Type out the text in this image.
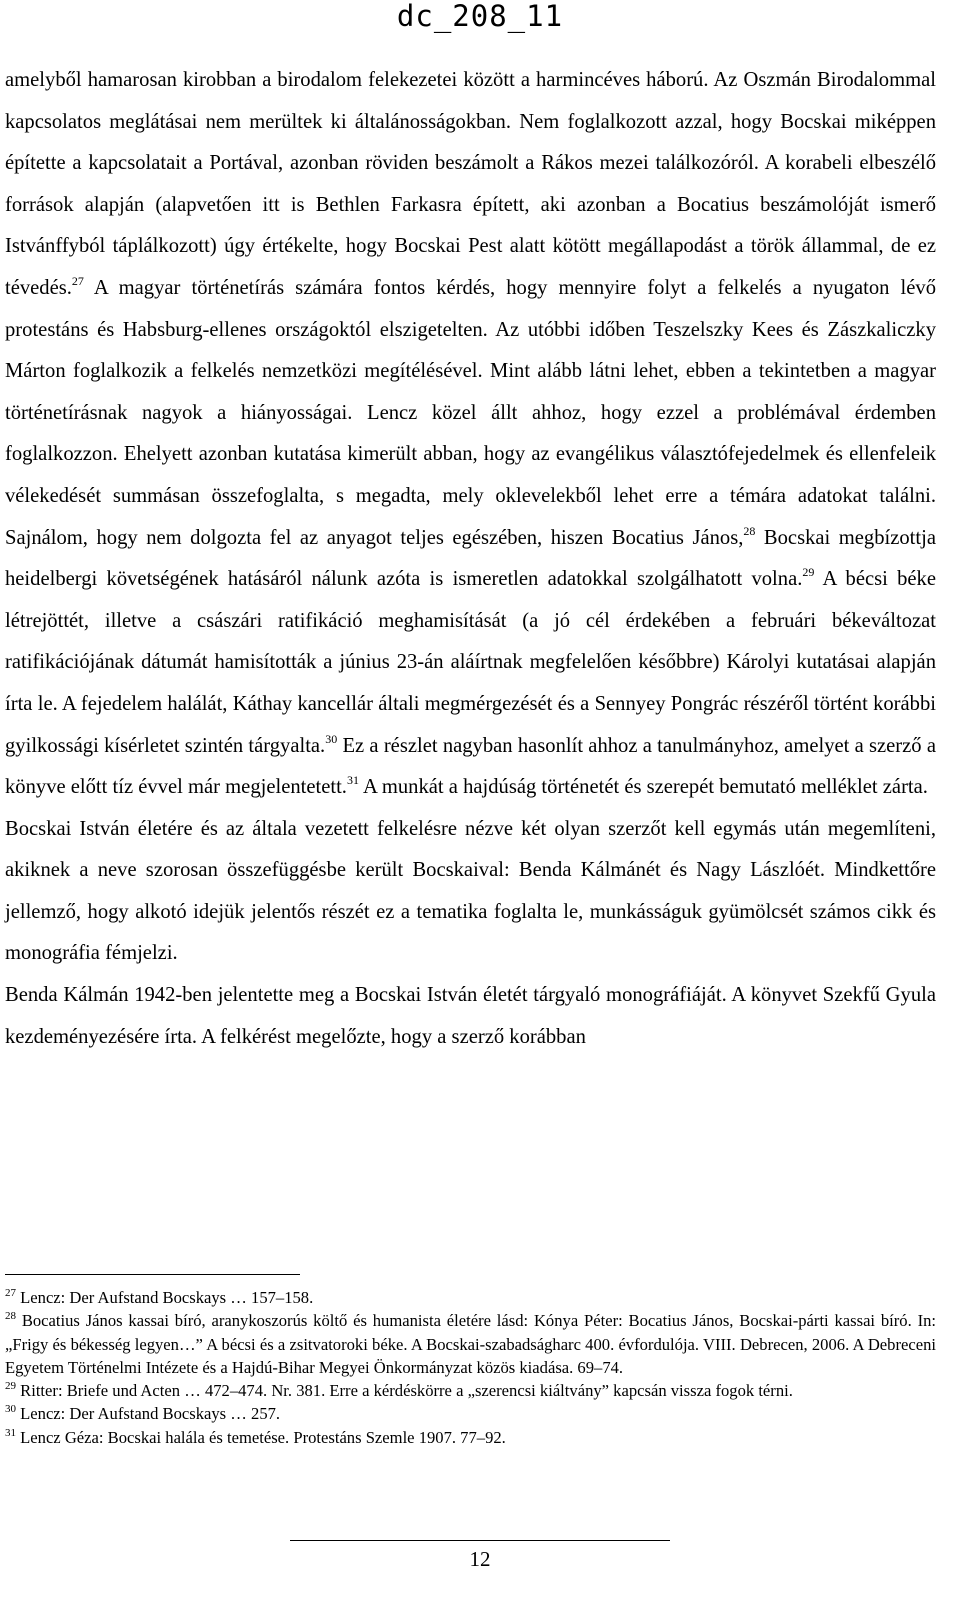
dc_208_11

amelyből hamarosan kirobban a birodalom felekezetei között a harmincéves háború. Az Oszmán Birodalommal kapcsolatos meglátásai nem merültek ki általánosságokban. Nem foglalkozott azzal, hogy Bocskai miképpen építette a kapcsolatait a Portával, azonban röviden beszámolt a Rákos mezei találkozóról. A korabeli elbeszélő források alapján (alapvetően itt is Bethlen Farkasra épített, aki azonban a Bocatius beszámolóját ismerő Istvánffyból táplálkozott) úgy értékelte, hogy Bocskai Pest alatt kötött megállapodást a török állammal, de ez tévedés.$^{27}$ A magyar történetírás számára fontos kérdés, hogy mennyire folyt a felkelés a nyugaton lévő protestáns és Habsburg-ellenes országoktól elszigetelten. Az utóbbi időben Teszelszky Kees és Zászkaliczky Márton foglalkozik a felkelés nemzetközi megítélésével. Mint alább látni lehet, ebben a tekintetben a magyar történetírásnak nagyok a hiányosságai. Lencz közel állt ahhoz, hogy ezzel a problémával érdemben foglalkozzon. Ehelyett azonban kutatása kimerült abban, hogy az evangélikus választófejedelmek és ellenfeleik vélekedését summásan összefoglalta, s megadta, mely oklevelekből lehet erre a témára adatokat találni. Sajnálom, hogy nem dolgozta fel az anyagot teljes egészében, hiszen Bocatius János,$^{28}$ Bocskai megbízottja heidelbergi követségének hatásáról nálunk azóta is ismeretlen adatokkal szolgálhatott volna.$^{29}$ A bécsi béke létrejöttét, illetve a császári ratifikáció meghamisítását (a jó cél érdekében a februári békeváltozat ratifikációjának dátumát hamisították a június 23-án aláírtnak megfelelően későbbre) Károlyi kutatásai alapján írta le. A fejedelem halálát, Káthay kancellár általi megmérgezését és a Sennyey Pongrác részéről történt korábbi gyilkossági kísérletet szintén tárgyalta.$^{30}$ Ez a részlet nagyban hasonlít ahhoz a tanulmányhoz, amelyet a szerző a könyve előtt tíz évvel már megjelentetett.$^{31}$ A munkát a hajdúság történetét és szerepét bemutató melléklet zárta.

Bocskai István életére és az általa vezetett felkelésre nézve két olyan szerzőt kell egymás után megemlíteni, akiknek a neve szorosan összefüggésbe került Bocskaival: Benda Kálmánét és Nagy Lászlóét. Mindkettőre jellemző, hogy alkotó idejük jelentős részét ez a tematika foglalta le, munkásságuk gyümölcsét számos cikk és monográfia fémjelzi.

Benda Kálmán 1942-ben jelentette meg a Bocskai István életét tárgyaló monográfiáját. A könyvet Szekfű Gyula kezdeményezésére írta. A felkérést megelőzte, hogy a szerző korábban

$^{27}$ Lencz: Der Aufstand Bocskays … 157–158.

$^{28}$ Bocatius János kassai bíró, aranykoszorús költő és humanista életére lásd: Kónya Péter: Bocatius János, Bocskai-párti kassai bíró. In: „Frigy és békesség legyen…” A bécsi és a zsitvatoroki béke. A Bocskai-szabadságharc 400. évfordulója. VIII. Debrecen, 2006. A Debreceni Egyetem Történelmi Intézete és a Hajdú-Bihar Megyei Önkormányzat közös kiadása. 69–74.

$^{29}$ Ritter: Briefe und Acten … 472–474. Nr. 381. Erre a kérdéskörre a „szerencsi kiáltvány” kapcsán vissza fogok térni.

$^{30}$ Lencz: Der Aufstand Bocskays … 257.

$^{31}$ Lencz Géza: Bocskai halála és temetése. Protestáns Szemle 1907. 77–92.

12
